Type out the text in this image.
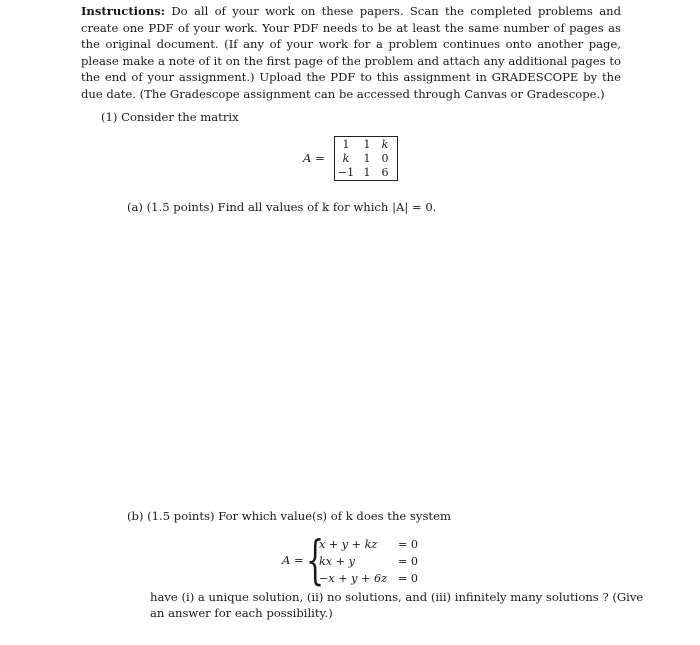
Instructions: Do all of your work on these papers. Scan the completed problems and create one PDF of your work. Your PDF needs to be at least the same number of pages as the original document. (If any of your work for a problem continues onto another page, please make a note of it on the first page of the problem and attach any additional pages to the end of your assignment.) Upload the PDF to this assignment in GRADESCOPE by the due date. (The Gradescope assignment can be accessed through Canvas or Gradescope.)

(1) Consider the matrix
A =
1	1	k
k	1	0
−1 1	6
(a) (1.5 points) Find all values of k for which |A| = 0.
(b) (1.5 points) For which value(s) of k does the system
A = {
x + y + kz = 0
kx + y	= 0
−x + y + 6z = 0
have (i) a unique solution, (ii) no solutions, and (iii) infinitely many solutions ? (Give
an answer for each possibility.)
